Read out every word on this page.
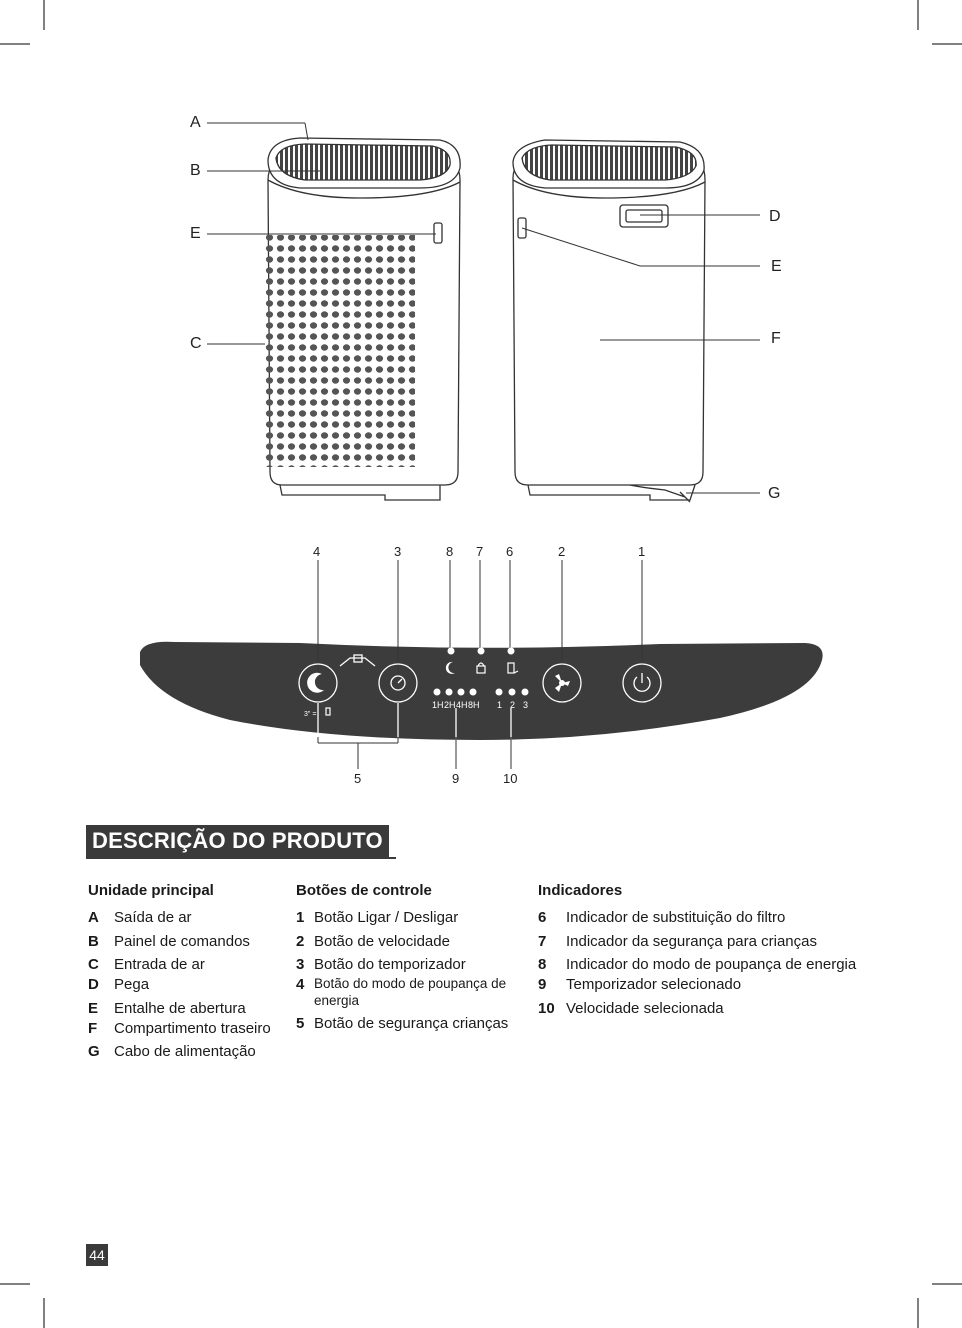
A
B
E
C
D
E
F
G
1H 2H 4H 8H 1 2 3
3" =
4	3	8 7 6	2	1
5	9	10
DESCRIÇÃO DO PRODUTO
Unidade principal
A	Saída de ar
B	Painel de comandos
C	Entrada de ar
D	Pega
E	Entalhe de abertura
F	Compartimento traseiro
G Cabo de alimentação
Botões de controle
1 Botão Ligar / Desligar
2 Botão de velocidade
3 Botão do temporizador
4 Botão do modo de poupança de energia
5 Botão de segurança crianças
Indicadores
6	Indicador de substituição do filtro
7	Indicador da segurança para crianças
8	Indicador do modo de poupança de energia
9	Temporizador selecionado
10 Velocidade selecionada
44
